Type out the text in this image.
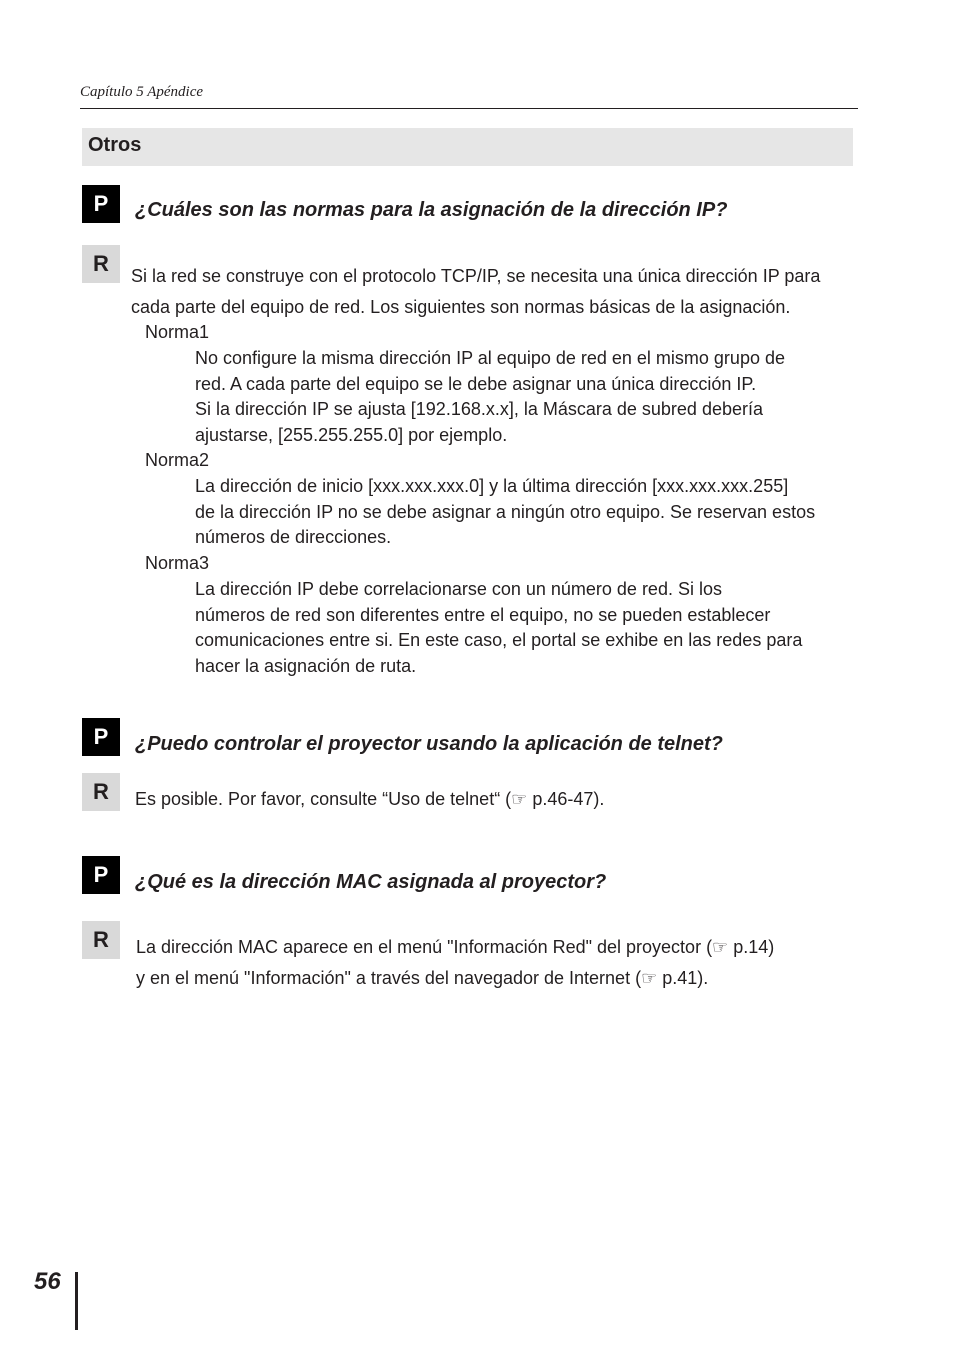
Capítulo 5 Apéndice
Otros
P	¿Cuáles son las normas para la asignación de la dirección IP?
R	Si la red se construye con el protocolo TCP/IP, se necesita una única dirección IP para
cada parte del equipo de red. Los siguientes son normas básicas de la asignación.
Norma1
No configure la misma dirección IP al equipo de red en el mismo grupo de
red. A cada parte del equipo se le debe asignar una única dirección IP.
Si la dirección IP se ajusta [192.168.x.x], la Máscara de subred debería
ajustarse, [255.255.255.0] por ejemplo.
Norma2
La dirección de inicio [xxx.xxx.xxx.0] y la última dirección [xxx.xxx.xxx.255]
de la dirección IP no se debe asignar a ningún otro equipo. Se reservan estos
números de direcciones.
Norma3
La dirección IP debe correlacionarse con un número de red. Si los
números de red son diferentes entre el equipo, no se pueden establecer
comunicaciones entre si. En este caso, el portal se exhibe en las redes para
hacer la asignación de ruta.
P	¿Puedo controlar el proyector usando la aplicación de telnet?
R	Es posible. Por favor, consulte “Uso de telnet“ (☞ p.46-47).
P	¿Qué es la dirección MAC asignada al proyector?
R	La dirección MAC aparece en el menú "Información Red" del proyector (☞ p.14)
y en el menú "Información" a través del navegador de Internet (☞ p.41).
56
